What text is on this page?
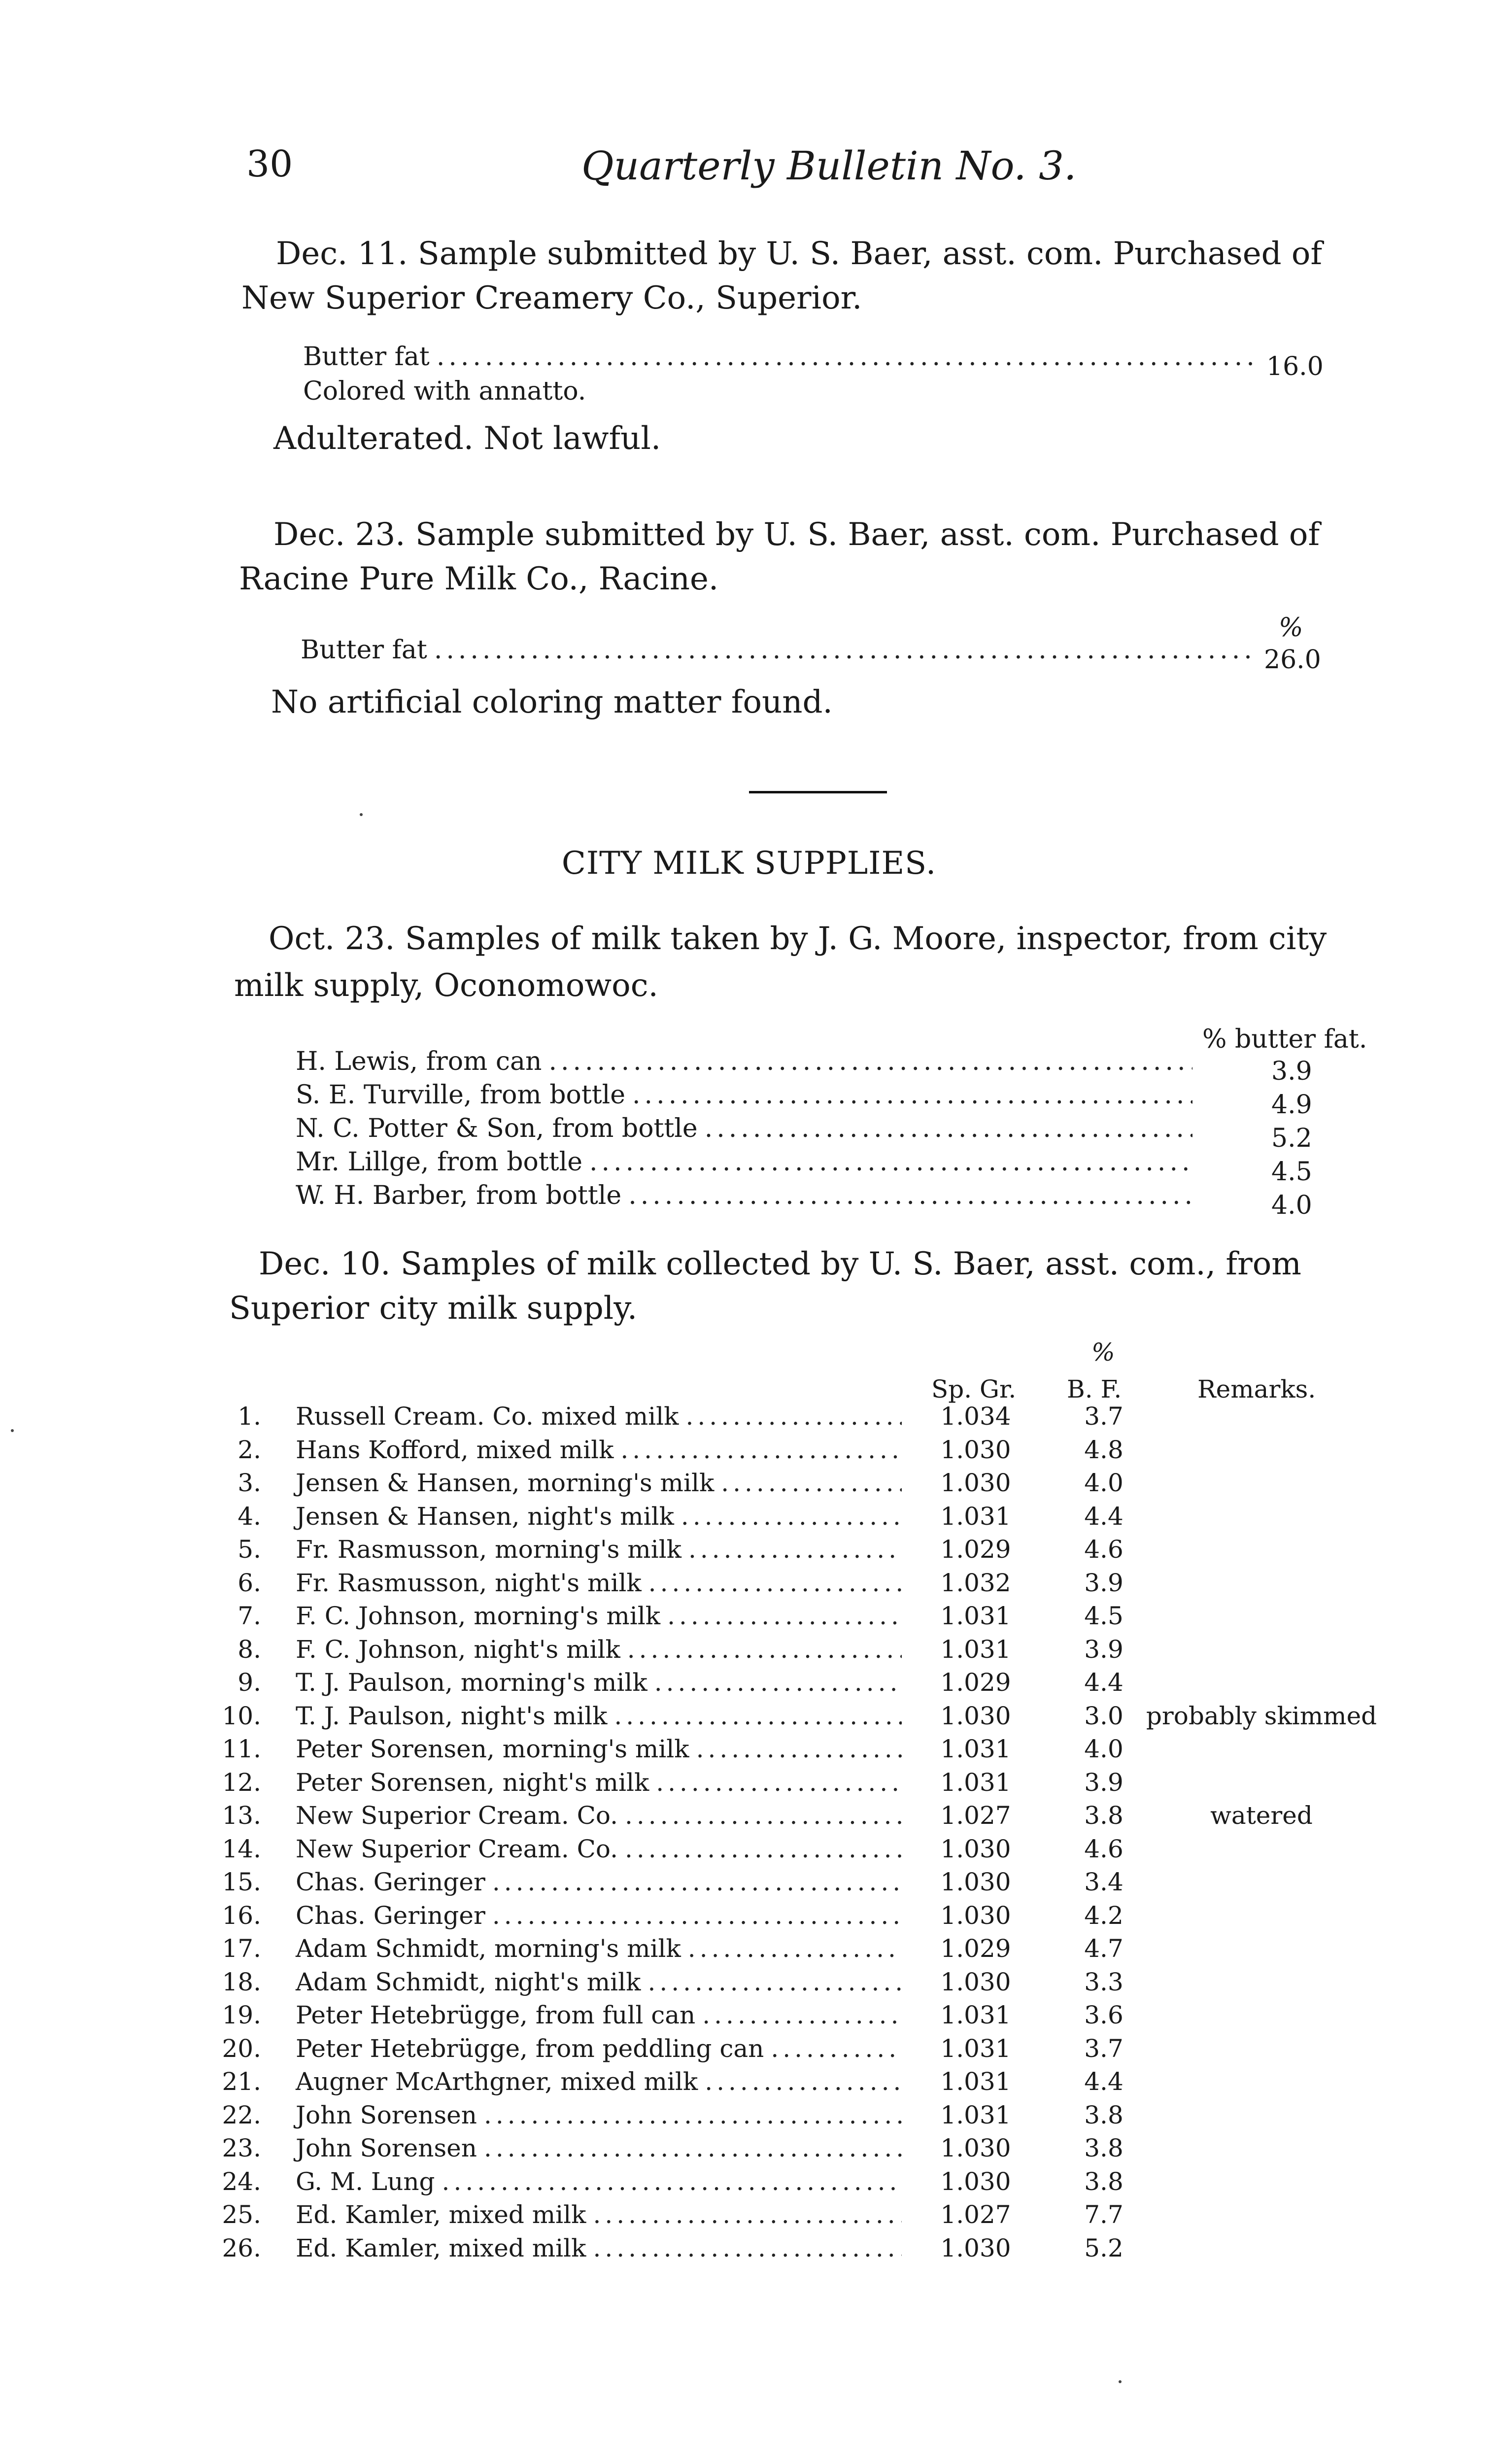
30	Quarterly Bulletin No. 3.
Dec. 11. Sample submitted by U. S. Baer, asst. com. Purchased of
New Superior Creamery Co., Superior.
Butter fat .....	16.0
Colored with annatto.
Adulterated. Not lawful.
Dec. 23. Sample submitted by U. S. Baer, asst. com. Purchased of
Racine Pure Milk Co., Racine.
%
Butter fat .....	26.0
No artificial coloring matter found.
CITY MILK SUPPLIES.
Oct. 23. Samples of milk taken by J. G. Moore, inspector, from city
milk supply, Oconomowoc.
% butter fat.
H. Lewis, from can .....	3.9
S. E. Turville, from bottle .....	4.9
N. C. Potter & Son, from bottle .....	5.2
Mr. Lillge, from bottle .....	4.5
W. H. Barber, from bottle .....	4.0
Dec. 10. Samples of milk collected by U. S. Baer, asst. com., from
Superior city milk supply.
%
Sp. Gr. B. F.	Remarks.
1. Russell Cream. Co. mixed milk .....	1.034	3.7
2. Hans Kofford, mixed milk .....	1.030	4.8
3. Jensen & Hansen, morning's milk .....	1.030	4.0
4. Jensen & Hansen, night's milk .....	1.031	4.4
5. Fr. Rasmusson, morning's milk .....	1.029	4.6
6. Fr. Rasmusson, night's milk .....	1.032	3.9
7. F. C. Johnson, morning's milk .....	1.031	4.5
8. F. C. Johnson, night's milk .....	1.031	3.9
9. T. J. Paulson, morning's milk .....	1.029	4.4
10. T. J. Paulson, night's milk .....	1.030	3.0 probably skimmed
11. Peter Sorensen, morning's milk .....	1.031	4.0
12. Peter Sorensen, night's milk .....	1.031	3.9
13. New Superior Cream. Co. .....	1.027	3.8	watered
14. New Superior Cream. Co. .....	1.030	4.6
15. Chas. Geringer .....	1.030	3.4
16. Chas. Geringer .....	1.030	4.2
17. Adam Schmidt, morning's milk .....	1.029	4.7
18. Adam Schmidt, night's milk .....	1.030	3.3
19. Peter Hetebrügge, from full can .....	1.031	3.6
20. Peter Hetebrügge, from peddling can .....	1.031	3.7
21. Augner McArthgner, mixed milk .....	1.031	4.4
22. John Sorensen .....	1.031	3.8
23. John Sorensen .....	1.030	3.8
24. G. M. Lung .....	1.030	3.8
25. Ed. Kamler, mixed milk .....	1.027	7.7
26. Ed. Kamler, mixed milk .....	1.030	5.2
